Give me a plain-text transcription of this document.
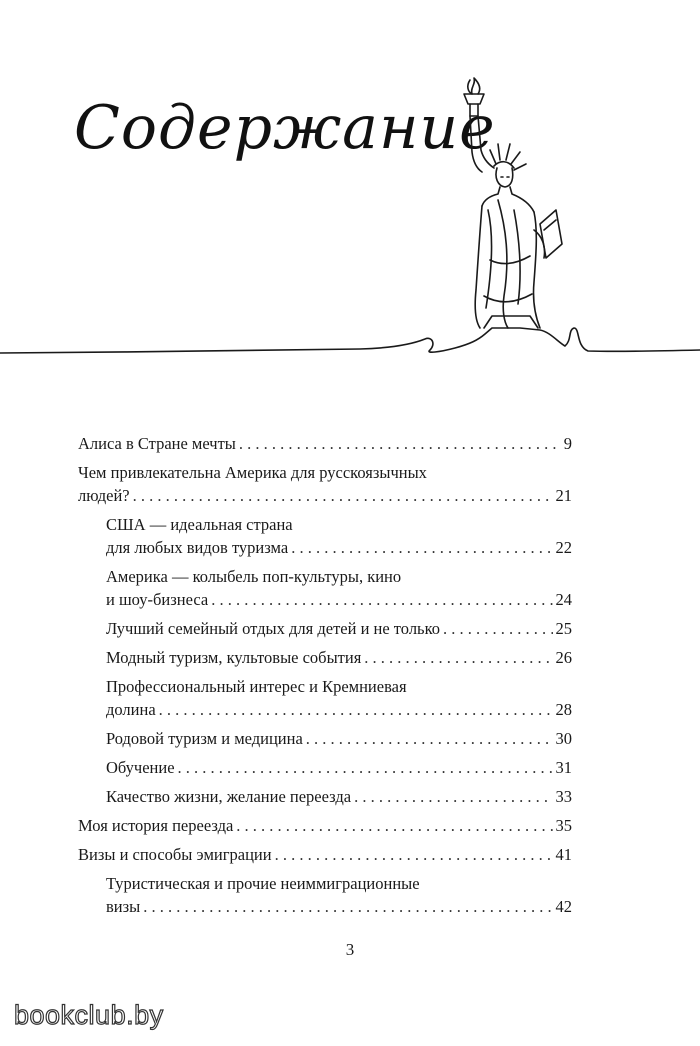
Содержание
Алиса в Стране мечты . . .	9
Чем привлекательна Америка для русскоязычных
людей? . . .	21
США — идеальная страна
для любых видов туризма . . .	22
Америка — колыбель поп-культуры, кино
и шоу-бизнеса . . .	24
Лучший семейный отдых для детей и не только . . .	25
Модный туризм, культовые события . . .	26
Профессиональный интерес и Кремниевая
долина . . .	28
Родовой туризм и медицина . . .	30
Обучение . . .	31
Качество жизни, желание переезда . . .	33
Моя история переезда . . .	35
Визы и способы эмиграции . . .	41
Туристическая и прочие неиммиграционные
визы . . .	42
3
bookclub.by
